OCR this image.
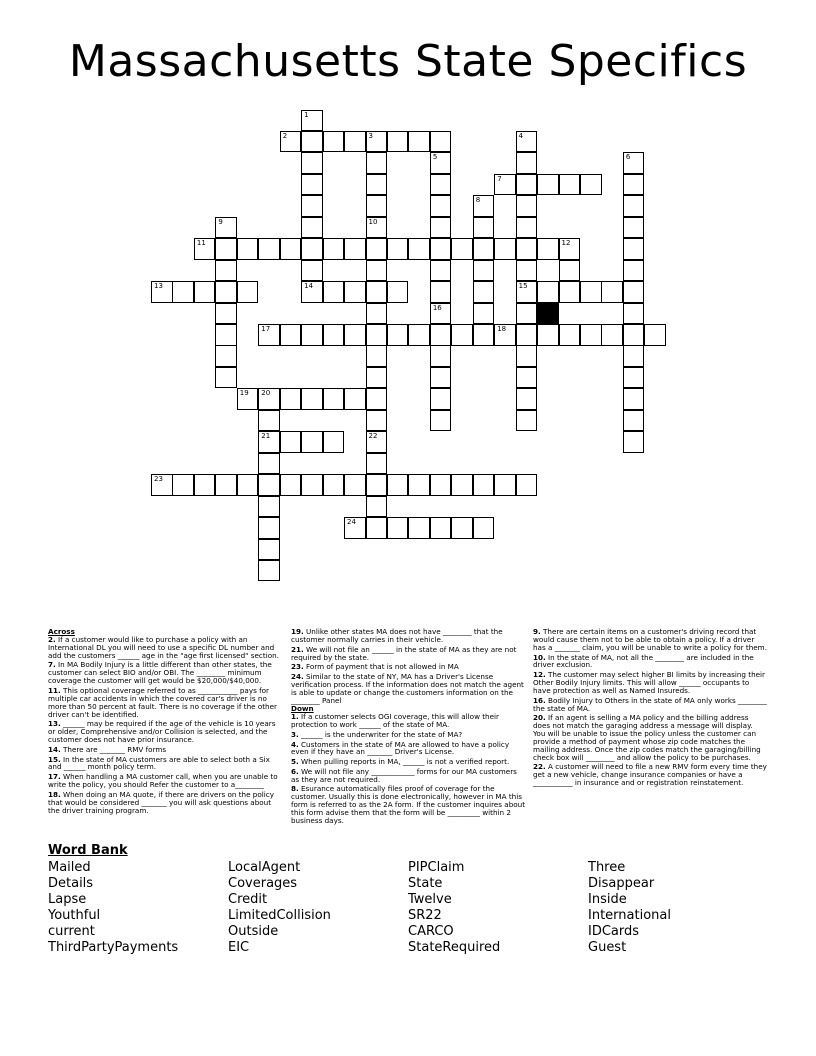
Massachusetts State Specifics
1
2	3	4
15
5	6
7
8
9	10
22
11	12
13	14
16
17	18
19 20
21
23
24
Across
2. If a customer would like to purchase a policy with an International DL you will need to use a specific DL number and add the customers ______ age in the "age first licensed" section.
7. In MA Bodily Injury is a little different than other states, the customer can select BIO and/or OBI. The ________ minimum coverage the customer will get would be $20,000/$40,000.
11. This optional coverage referred to as ___________ pays for multiple car accidents in which the covered car's driver is no more than 50 percent at fault. There is no coverage if the other driver can't be identified.
13. ______ may be required if the age of the vehicle is 10 years or older, Comprehensive and/or Collision is selected, and the customer does not have prior insurance.
14. There are _______ RMV forms
15. In the state of MA customers are able to select both a Six and ______ month policy term.
17. When handling a MA customer call, when you are unable to write the policy, you should Refer the customer to a________
18. When doing an MA quote, if there are drivers on the policy that would be considered _______ you will ask questions about the driver training program.
19. Unlike other states MA does not have ________ that the customer normally carries in their vehicle.
21. We will not file an ______ in the state of MA as they are not required by the state.
23. Form of payment that is not allowed in MA
24. Similar to the state of NY, MA has a Driver's License verification process. If the information does not match the agent is able to update or change the customers information on the ________ Panel
Down
1. If a customer selects OGI coverage, this will allow their protection to work ______ of the state of MA.
3. ______ is the underwriter for the state of MA?
4. Customers in the state of MA are allowed to have a policy even if they have an _______ Driver's License.
5. When pulling reports in MA, ______ is not a verified report.
6. We will not file any ____________ forms for our MA customers as they are not required.
8. Esurance automatically files proof of coverage for the customer. Usually this is done electronically, however in MA this form is referred to as the 2A form. If the customer inquires about this form advise them that the form will be _________ within 2 business days.
9. There are certain items on a customer's driving record that would cause them not to be able to obtain a policy. If a driver has a _______ claim, you will be unable to write a policy for them.
10. In the state of MA, not all the ________ are included in the driver exclusion.
12. The customer may select higher BI limits by increasing their Other Bodily Injury limits. This will allow ______ occupants to have protection as well as Named Insureds.
16. Bodily Injury to Others in the state of MA only works ________ the state of MA.
20. If an agent is selling a MA policy and the billing address does not match the garaging address a message will display. You will be unable to issue the policy unless the customer can provide a method of payment whose zip code matches the mailing address. Once the zip codes match the garaging/billing check box will ________ and allow the policy to be purchases.
22. A customer will need to file a new RMV form every time they get a new vehicle, change insurance companies or have a ___________ in insurance and or registration reinstatement.
Word Bank
Mailed
Details
Lapse
Youthful
current
ThirdPartyPayments
LocalAgent
Coverages
Credit
LimitedCollision
Outside
EIC
PIPClaim
State
Twelve
SR22
CARCO
StateRequired
Three
Disappear
Inside
International
IDCards
Guest
